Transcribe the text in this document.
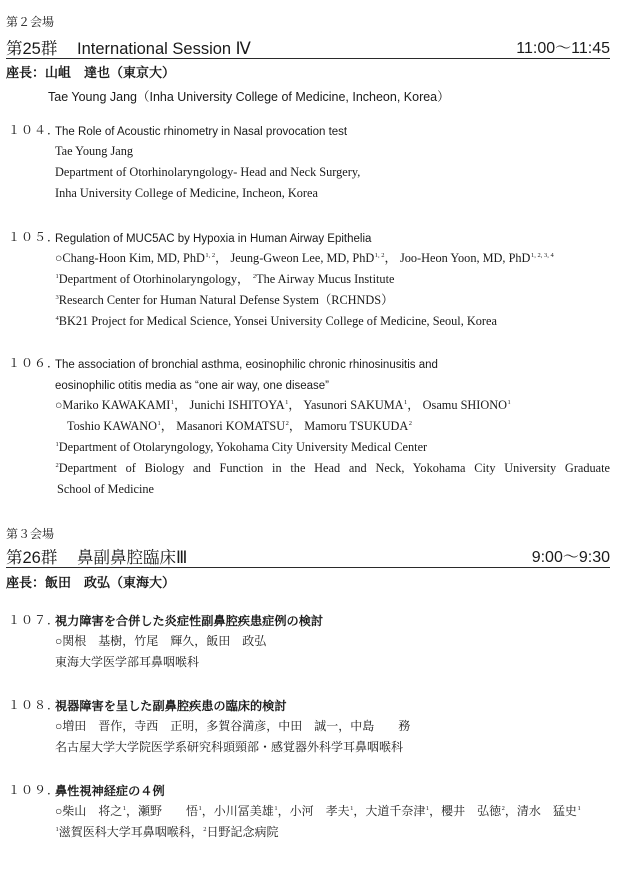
第２会場
第25群 International Session Ⅳ	11:00～11:45
座長：山岨　達也（東京大）
Tae Young Jang（Inha University College of Medicine, Incheon, Korea）
１０４．
The Role of Acoustic rhinometry in Nasal provocation test
Tae Young Jang
Department of Otorhinolaryngology- Head and Neck Surgery,
Inha University College of Medicine, Incheon, Korea
１０５．
Regulation of MUC5AC by Hypoxia in Human Airway Epithelia
○Chang-Hoon Kim, MD, PhD$^{1, 2}$， Jeung-Gweon Lee, MD, PhD$^{1, 2}$， Joo-Heon Yoon, MD, PhD$^{1, 2, 3, 4}$
$^1$Department of Otorhinolaryngology， $^2$The Airway Mucus Institute
$^3$Research Center for Human Natural Defense System（RCHNDS）
$^4$BK21 Project for Medical Science, Yonsei University College of Medicine, Seoul, Korea
１０６．
The association of bronchial asthma, eosinophilic chronic rhinosinusitis and
eosinophilic otitis media as “one air way, one disease”
○Mariko KAWAKAMI$^1$， Junichi ISHITOYA$^1$， Yasunori SAKUMA$^1$， Osamu SHIONO$^1$
Toshio KAWANO$^1$， Masanori KOMATSU$^2$， Mamoru TSUKUDA$^2$
$^1$Department of Otolaryngology, Yokohama City University Medical Center
$^2$Department of Biology and Function in the Head and Neck, Yokohama City University Graduate
School of Medicine
第３会場
第26群 鼻副鼻腔臨床Ⅲ	9:00～9:30
座長：飯田　政弘（東海大）
１０７．
視力障害を合併した炎症性副鼻腔疾患症例の検討
○関根　基樹，竹尾　輝久，飯田　政弘
東海大学医学部耳鼻咽喉科
１０８．
視器障害を呈した副鼻腔疾患の臨床的検討
○増田　晋作，寺西　正明，多賀谷満彦，中田　誠一，中島　　務
名古屋大学大学院医学系研究科頭頸部・感覚器外科学耳鼻咽喉科
１０９．
鼻性視神経症の４例
○柴山　将之$^1$，瀬野　　悟$^1$，小川冨美雄$^1$，小河　孝夫$^1$，大道千奈津$^1$，櫻井　弘徳$^2$，清水　猛史$^1$
$^1$滋賀医科大学耳鼻咽喉科，$^2$日野記念病院
